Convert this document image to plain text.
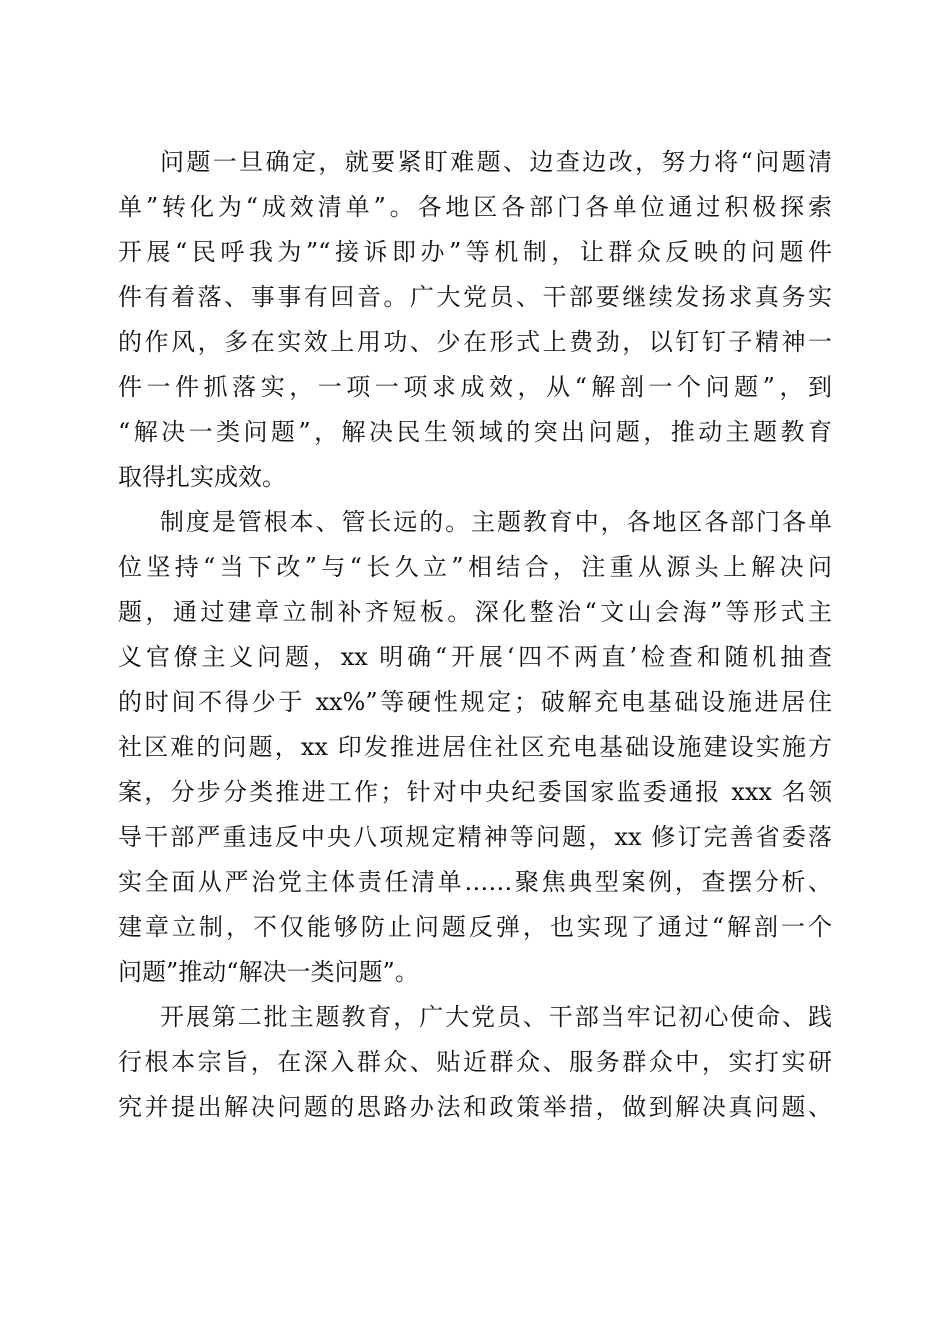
问题一旦确定，就要紧盯难题、边查边改，努力将“问题清
单”转化为“成效清单”。各地区各部门各单位通过积极探索
开展“民呼我为”“接诉即办”等机制，让群众反映的问题件
件有着落、事事有回音。广大党员、干部要继续发扬求真务实
的作风，多在实效上用功、少在形式上费劲，以钉钉子精神一
件一件抓落实，一项一项求成效，从“解剖一个问题”，到
“解决一类问题”，解决民生领域的突出问题，推动主题教育
取得扎实成效。
制度是管根本、管长远的。主题教育中，各地区各部门各单
位坚持“当下改”与“长久立”相结合，注重从源头上解决问
题，通过建章立制补齐短板。深化整治“文山会海”等形式主
义官僚主义问题，xx 明确“开展‘四不两直’检查和随机抽查
的时间不得少于 xx%”等硬性规定；破解充电基础设施进居住
社区难的问题，xx 印发推进居住社区充电基础设施建设实施方
案，分步分类推进工作；针对中央纪委国家监委通报 xxx 名领
导干部严重违反中央八项规定精神等问题，xx 修订完善省委落
实全面从严治党主体责任清单……聚焦典型案例，查摆分析、
建章立制，不仅能够防止问题反弹，也实现了通过“解剖一个
问题”推动“解决一类问题”。
开展第二批主题教育，广大党员、干部当牢记初心使命、践
行根本宗旨，在深入群众、贴近群众、服务群众中，实打实研
究并提出解决问题的思路办法和政策举措，做到解决真问题、
